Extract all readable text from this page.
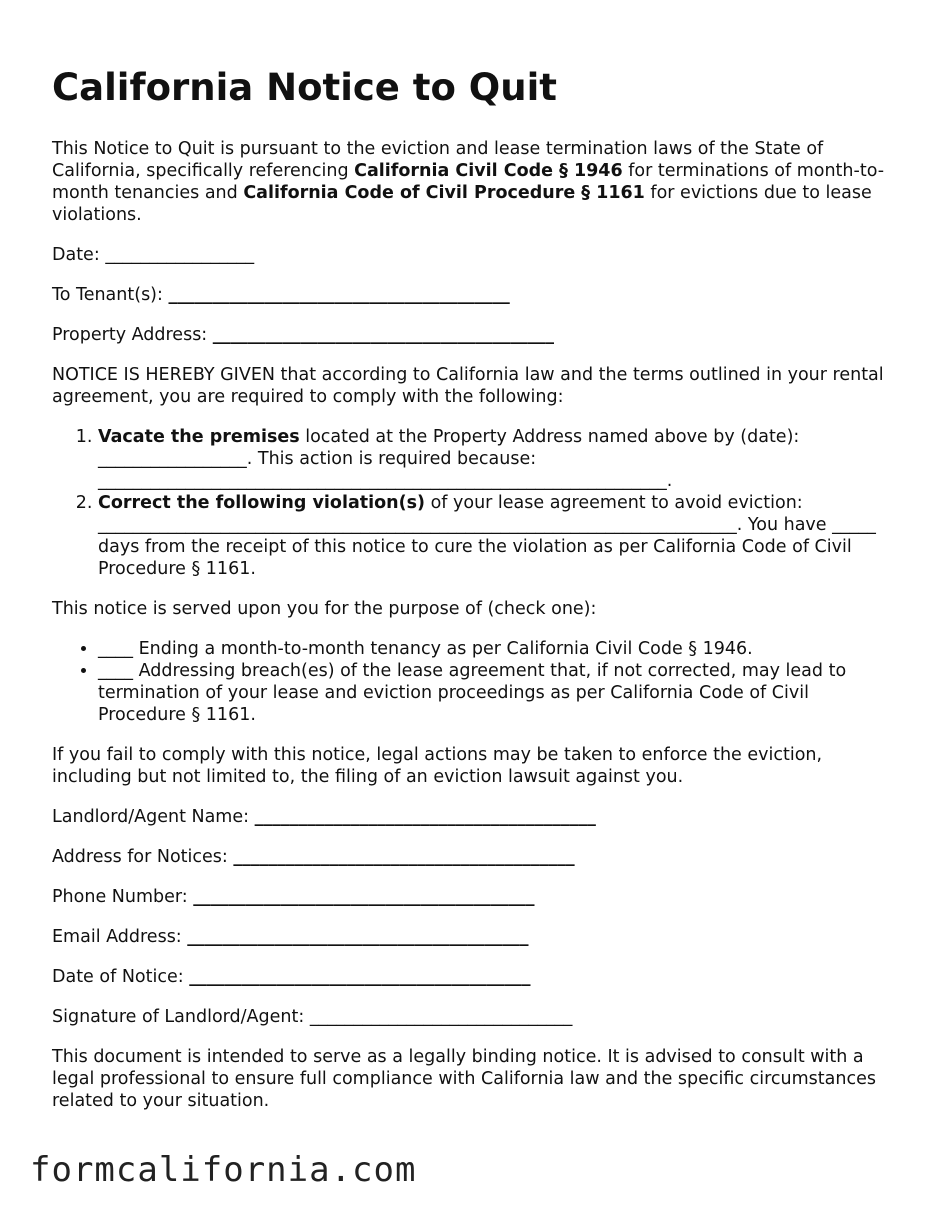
California Notice to Quit

This Notice to Quit is pursuant to the eviction and lease termination laws of the State of California, specifically referencing California Civil Code § 1946 for terminations of month-to-month tenancies and California Code of Civil Procedure § 1161 for evictions due to lease violations.

Date: _________________
To Tenant(s): _______________________________________
Property Address: _______________________________________

NOTICE IS HEREBY GIVEN that according to California law and the terms outlined in your rental agreement, you are required to comply with the following:

1. Vacate the premises located at the Property Address named above by (date): _________________. This action is required because: _________________________________________________________________.
2. Correct the following violation(s) of your lease agreement to avoid eviction: _________________________________________________________________________. You have _____ days from the receipt of this notice to cure the violation as per California Code of Civil Procedure § 1161.

This notice is served upon you for the purpose of (check one):

• ____ Ending a month-to-month tenancy as per California Civil Code § 1946.
• ____ Addressing breach(es) of the lease agreement that, if not corrected, may lead to termination of your lease and eviction proceedings as per California Code of Civil Procedure § 1161.

If you fail to comply with this notice, legal actions may be taken to enforce the eviction, including but not limited to, the filing of an eviction lawsuit against you.

Landlord/Agent Name: _______________________________________
Address for Notices: _______________________________________
Phone Number: _______________________________________
Email Address: _______________________________________
Date of Notice: _______________________________________
Signature of Landlord/Agent: ______________________________

This document is intended to serve as a legally binding notice. It is advised to consult with a legal professional to ensure full compliance with California law and the specific circumstances related to your situation.

formcalifornia.com
